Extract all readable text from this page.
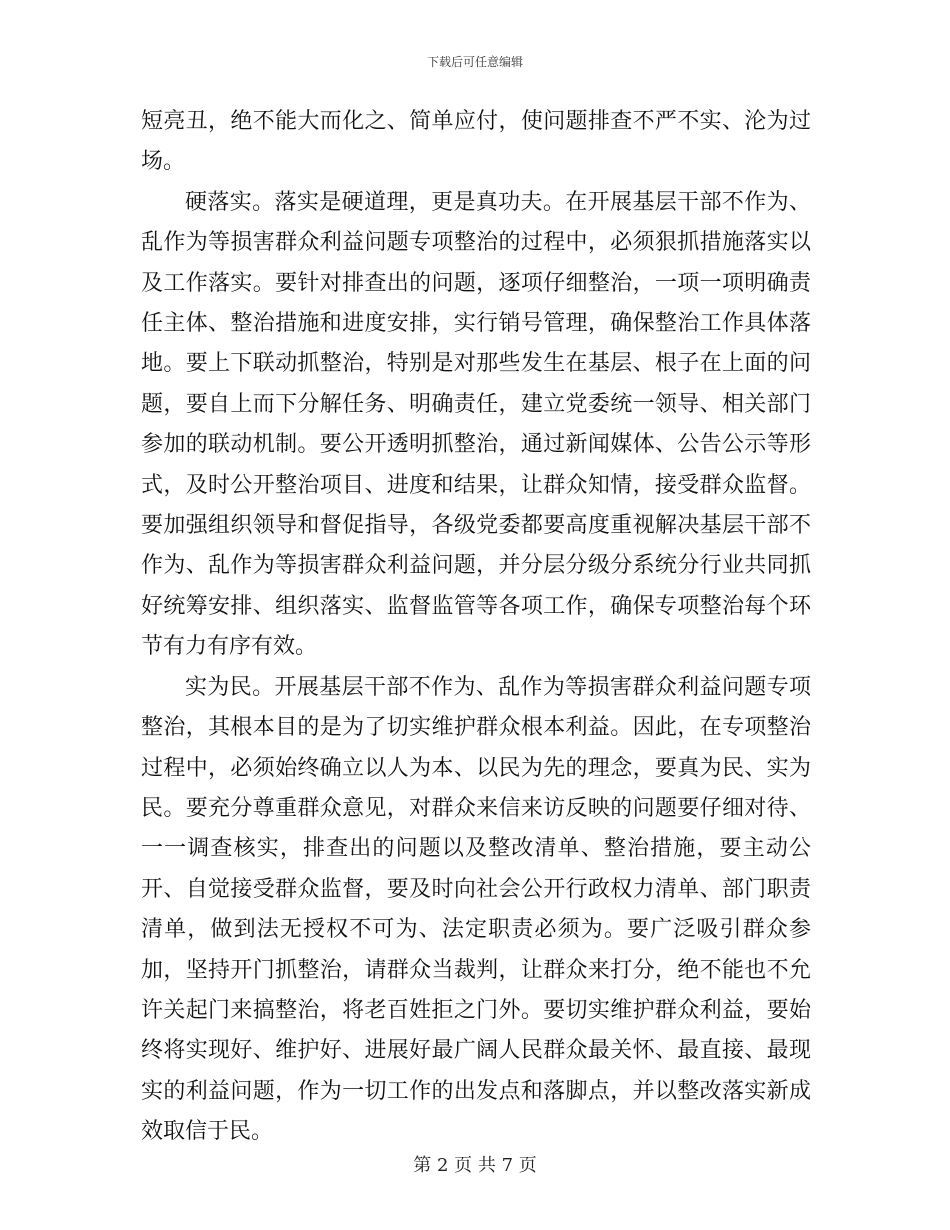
下载后可任意编辑

短亮丑，绝不能大而化之、简单应付，使问题排查不严不实、沦为过场。

硬落实。落实是硬道理，更是真功夫。在开展基层干部不作为、乱作为等损害群众利益问题专项整治的过程中，必须狠抓措施落实以及工作落实。要针对排查出的问题，逐项仔细整治，一项一项明确责任主体、整治措施和进度安排，实行销号管理，确保整治工作具体落地。要上下联动抓整治，特别是对那些发生在基层、根子在上面的问题，要自上而下分解任务、明确责任，建立党委统一领导、相关部门参加的联动机制。要公开透明抓整治，通过新闻媒体、公告公示等形式，及时公开整治项目、进度和结果，让群众知情，接受群众监督。要加强组织领导和督促指导，各级党委都要高度重视解决基层干部不作为、乱作为等损害群众利益问题，并分层分级分系统分行业共同抓好统筹安排、组织落实、监督监管等各项工作，确保专项整治每个环节有力有序有效。

实为民。开展基层干部不作为、乱作为等损害群众利益问题专项整治，其根本目的是为了切实维护群众根本利益。因此，在专项整治过程中，必须始终确立以人为本、以民为先的理念，要真为民、实为民。要充分尊重群众意见，对群众来信来访反映的问题要仔细对待、一一调查核实，排查出的问题以及整改清单、整治措施，要主动公开、自觉接受群众监督，要及时向社会公开行政权力清单、部门职责清单，做到法无授权不可为、法定职责必须为。要广泛吸引群众参加，坚持开门抓整治，请群众当裁判，让群众来打分，绝不能也不允许关起门来搞整治，将老百姓拒之门外。要切实维护群众利益，要始终将实现好、维护好、进展好最广阔人民群众最关怀、最直接、最现实的利益问题，作为一切工作的出发点和落脚点，并以整改落实新成效取信于民。

第 2 页 共 7 页
